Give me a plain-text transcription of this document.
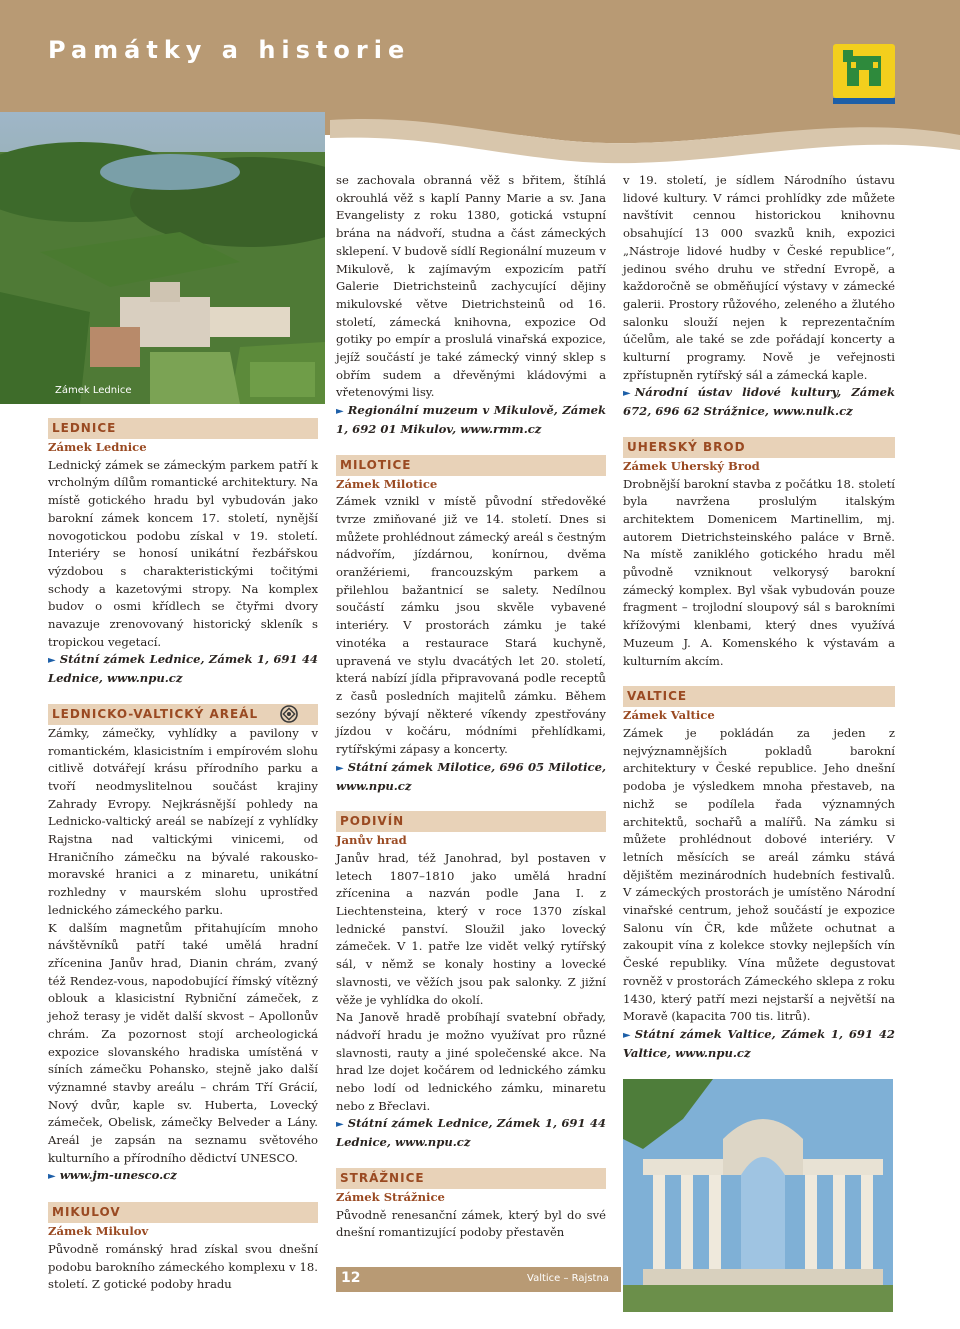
Památky a historie
Zámek Lednice
LEDNICE
Zámek Lednice

Lednický zámek se zámeckým parkem patří k vrcholným dílům romantické architektury. Na místě gotického hradu byl vybudován jako barokní zámek koncem 17. století, nynější novogotickou podobu získal v 19. století. Interiéry se honosí unikátní řezbářskou výzdobou s charakteristickými točitými schody a kazetovými stropy. Na komplex budov o osmi křídlech se čtyřmi dvory navazuje zrenovovaný historický skleník s tropickou vegetací.

► Státní zámek Lednice, Zámek 1, 691 44 Lednice, www.npu.cz

LEDNICKO-VALTICKÝ AREÁL

Zámky, zámečky, vyhlídky a pavilony v romantickém, klasicistním i empírovém slohu citlivě dotvářejí krásu přírodního parku a tvoří neodmyslitelnou součást krajiny Zahrady Evropy. Nejkrásnější pohledy na Lednicko-valtický areál se nabízejí z vyhlídky Rajstna nad valtickými vinicemi, od Hraničního zámečku na bývalé rakousko-moravské hranici a z minaretu, unikátní rozhledny v maurském slohu uprostřed lednického zámeckého parku.

K dalším magnetům přitahujícím mnoho návštěvníků patří také umělá hradní zřícenina Janův hrad, Dianin chrám, zvaný též Rendez-vous, napodobující římský vítězný oblouk a klasicistní Rybniční zámeček, z jehož terasy je vidět další skvost – Apollonův chrám. Za pozornost stojí archeologická expozice slovanského hradiska umístěná v síních zámečku Pohansko, stejně jako další významné stavby areálu – chrám Tří Grácií, Nový dvůr, kaple sv. Huberta, Lovecký zámeček, Obelisk, zámečky Belveder a Lány. Areál je zapsán na seznamu světového kulturního a přírodního dědictví UNESCO.

► www.jm-unesco.cz

MIKULOV
Zámek Mikulov

Původně románský hrad získal svou dnešní podobu barokního zámeckého komplexu v 18. století. Z gotické podoby hradu

se zachovala obranná věž s břitem, štíhlá okrouhlá věž s kaplí Panny Marie a sv. Jana Evangelisty z roku 1380, gotická vstupní brána na nádvoří, studna a část zámeckých sklepení. V budově sídlí Regionální muzeum v Mikulově, k zajímavým expozicím patří Galerie Dietrichsteinů zachycující dějiny mikulovské větve Dietrichsteinů od 16. století, zámecká knihovna, expozice Od gotiky po empír a proslulá vinařská expozice, jejíž součástí je také zámecký vinný sklep s obřím sudem a dřevěnými kládovými a vřetenovými lisy.

► Regionální muzeum v Mikulově, Zámek 1, 692 01 Mikulov, www.rmm.cz

MILOTICE
Zámek Milotice

Zámek vznikl v místě původní středověké tvrze zmiňované již ve 14. století. Dnes si můžete prohlédnout zámecký areál s čestným nádvořím, jízdárnou, konírnou, dvěma oranžériemi, francouzským parkem a přilehlou bažantnicí se salety. Nedílnou součástí zámku jsou skvěle vybavené interiéry. V prostorách zámku je také vinotéka a restaurace Stará kuchyně, upravená ve stylu dvacátých let 20. století, která nabízí jídla připravovaná podle receptů z časů posledních majitelů zámku. Během sezóny bývají některé víkendy zpestřovány jízdou v kočáru, módními přehlídkami, rytířskými zápasy a koncerty.

► Státní zámek Milotice, 696 05 Milotice, www.npu.cz

PODIVÍN
Janův hrad

Janův hrad, též Janohrad, byl postaven v letech 1807–1810 jako umělá hradní zřícenina a nazván podle Jana I. z Liechtensteina, který v roce 1370 získal lednické panství. Sloužil jako lovecký zámeček. V 1. patře lze vidět velký rytířský sál, v němž se konaly hostiny a lovecké slavnosti, ve věžích jsou pak salonky. Z jižní věže je vyhlídka do okolí.

Na Janově hradě probíhají svatební obřady, nádvoří hradu je možno využívat pro různé slavnosti, rauty a jiné společenské akce. Na hrad lze dojet kočárem od lednického zámku nebo lodí od lednického zámku, minaretu nebo z Břeclavi.

► Státní zámek Lednice, Zámek 1, 691 44 Lednice, www.npu.cz

STRÁŽNICE
Zámek Strážnice

Původně renesanční zámek, který byl do své dnešní romantizující podoby přestavěn

v 19. století, je sídlem Národního ústavu lidové kultury. V rámci prohlídky zde můžete navštívit cennou historickou knihovnu obsahující 13 000 svazků knih, expozici „Nástroje lidové hudby v České republice“, jedinou svého druhu ve střední Evropě, a každoročně se obměňující výstavy v zámecké galerii. Prostory růžového, zeleného a žlutého salonku slouží nejen k reprezentačním účelům, ale také se zde pořádají koncerty a kulturní programy. Nově je veřejnosti zpřístupněn rytířský sál a zámecká kaple.

► Národní ústav lidové kultury, Zámek 672, 696 62 Strážnice, www.nulk.cz

UHERSKÝ BROD
Zámek Uherský Brod

Drobnější barokní stavba z počátku 18. století byla navržena proslulým italským architektem Domenicem Martinellim, mj. autorem Dietrichsteinského paláce v Brně. Na místě zaniklého gotického hradu měl původně vzniknout velkorysý barokní zámecký komplex. Byl však vybudován pouze fragment – trojlodní sloupový sál s barokními křížovými klenbami, který dnes využívá Muzeum J. A. Komenského k výstavám a kulturním akcím.

VALTICE
Zámek Valtice

Zámek je pokládán za jeden z nejvýznamnějších pokladů barokní architektury v České republice. Jeho dnešní podoba je výsledkem mnoha přestaveb, na nichž se podílela řada významných architektů, sochařů a malířů. Na zámku si můžete prohlédnout dobové interiéry. V letních měsících se areál zámku stává dějištěm mezinárodních hudebních festivalů. V zámeckých prostorách je umístěno Národní vinařské centrum, jehož součástí je expozice Salonu vín ČR, kde můžete ochutnat a zakoupit vína z kolekce stovky nejlepších vín České republiky. Vína můžete degustovat rovněž v prostorách Zámeckého sklepa z roku 1430, který patří mezi nejstarší a největší na Moravě (kapacita 700 tis. litrů).

► Státní zámek Valtice, Zámek 1, 691 42 Valtice, www.npu.cz

12	Valtice – Rajstna
